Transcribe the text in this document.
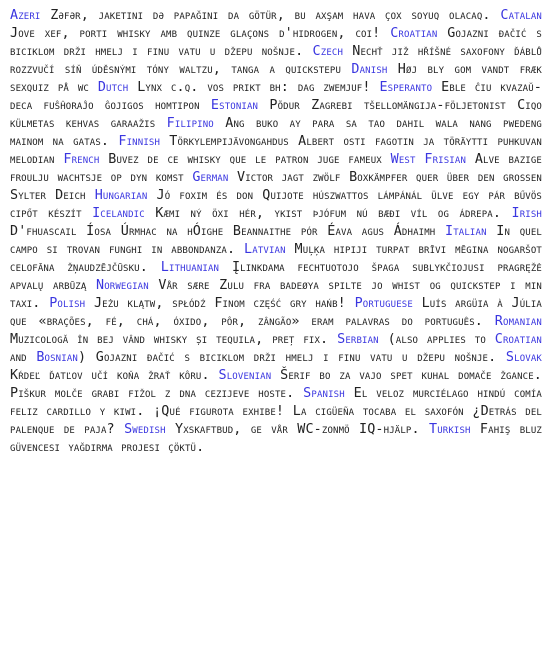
Azeri Zəfər, jaketini də papağını da götür, bu axşam hava çox soyuq olacaq. Catalan Jove xef, porti whisky amb quinze glaçons d'hidrogen, coi! Croatian Gojazni đačić s biciklom drži hmelj i finu vatu u džepu nošnje. Czech Nechť již hříšné saxofony ďáblů rozzvučí síň úděsnými tóny waltzu, tanga a quickstepu Danish Høj bly gom vandt fræk sexquiz på wc Dutch Lynx c.q. vos prikt bh: dag zwemjuf! Esperanto Eble ĉiu kvazaŭ-deca fuŝĥoraĵo ĝojigos homtipon Estonian Põdur Zagrebi tšellomängija-följetonist Ciqo külmetas kehvas garaažis Filipino Ang buko ay para sa tao dahil wala nang pwedeng mainom na gatas. Finnish Törkylempijävongahdus Albert osti fagotin ja töräytti puhkuvan melodian French Buvez de ce whisky que le patron juge fameux West Frisian Alve bazige froulju wachtsje op dyn komst German Victor jagt zwölf Boxkämpfer quer über den großen Sylter Deich Hungarian Jó foxim és don Quijote húszwattos lámpánál ülve egy pár bűvös cipőt készít Icelandic Kæmi ný öxi hér, ykist þjófum nú bæði víl og ádrepa. Irish D'fhuascail Íosa Úrmhac na hÓighe Beannaithe pór Éava agus Ádhaimh Italian In quel campo si trovan funghi in abbondanza. Latvian Muļķa hipiji turpat brīvi mēgina nogaršot celofāna žņaudzējčūsku. Lithuanian Įlinkdama fechtuotojo špaga sublykčiojusi pragręžė apvalų arbūzą Norwegian Vår sære Zulu fra badeøya spilte jo whist og quickstep i min taxi. Polish Jeżu klątw, spłódź Finom część gry hańb! Portuguese Luís argüia à Júlia que «brações, fé, chá, óxido, pôr, zângão» eram palavras do português. Romanian Muzicologă în bej vând whisky și tequila, preț fix. Serbian (also applies to Croatian and Bosnian) Gojazni đačić s biciklom drži hmelj i finu vatu u džepu nošnje. Slovak Kŕdeľ ďatľov učí koňa žrať kôru. Slovenian Šerif bo za vajo spet kuhal domače žgance. Piškur molče grabi fižol z dna cezijeve hoste. Spanish El veloz murciélago hindú comía feliz cardillo y kiwi. ¡Qué figurota exhibe! La cigüeña tocaba el saxofón ¿Detrás del palenque de paja? Swedish Yxskaftbud, ge vår WC-zonmö IQ-hjälp. Turkish Fahiş bluz güvencesi yağdırma projesi çöktü.
